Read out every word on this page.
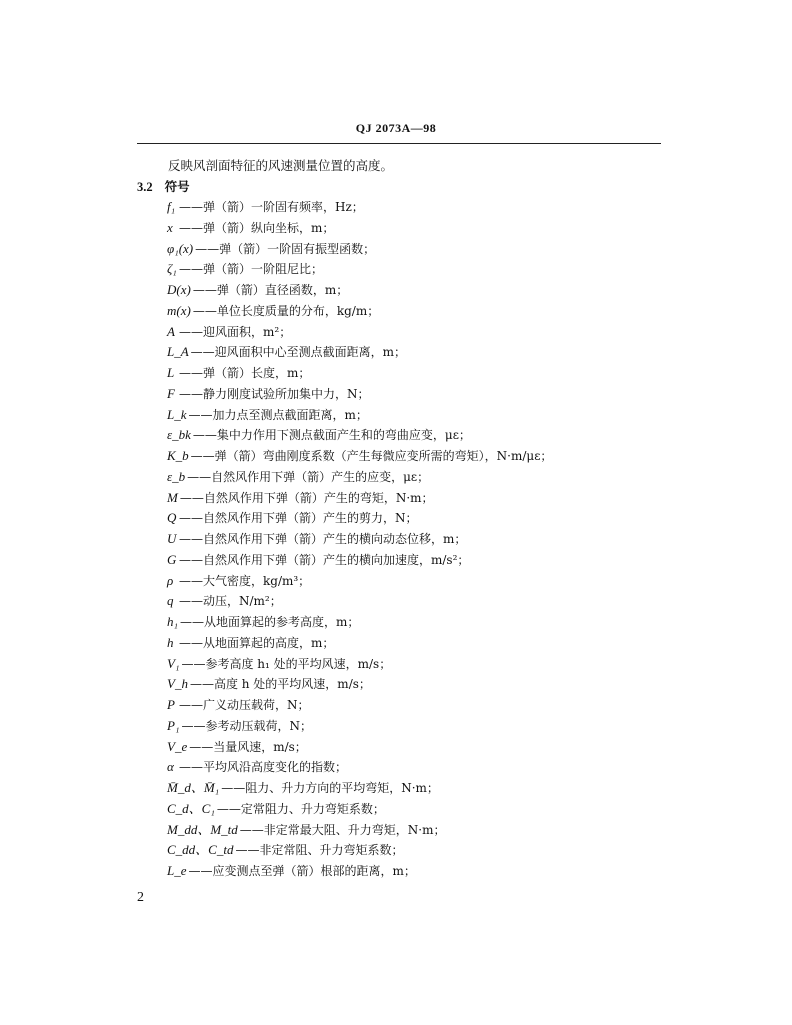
QJ 2073A—98
反映风剖面特征的风速测量位置的高度。
3.2 符号
f₁ ——弹（箭）一阶固有频率，Hz；
x ——弹（箭）纵向坐标，m；
φ₁(x) ——弹（箭）一阶固有振型函数；
ζ₁ ——弹（箭）一阶阻尼比；
D(x) ——弹（箭）直径函数，m；
m(x) ——单位长度质量的分布，kg/m；
A ——迎风面积，m²；
L_A ——迎风面积中心至测点截面距离，m；
L ——弹（箭）长度，m；
F ——静力刚度试验所加集中力，N；
L_k ——加力点至测点截面距离，m；
ε_bk ——集中力作用下测点截面产生和的弯曲应变，με；
K_b ——弹（箭）弯曲刚度系数（产生每微应变所需的弯矩），N·m/με；
ε_b ——自然风作用下弹（箭）产生的应变，με；
M ——自然风作用下弹（箭）产生的弯矩，N·m；
Q ——自然风作用下弹（箭）产生的剪力，N；
U ——自然风作用下弹（箭）产生的横向动态位移，m；
G ——自然风作用下弹（箭）产生的横向加速度，m/s²；
ρ ——大气密度，kg/m³；
q ——动压，N/m²；
h₁ ——从地面算起的参考高度，m；
h ——从地面算起的高度，m；
V₁ ——参考高度 h₁ 处的平均风速，m/s；
V_h ——高度 h 处的平均风速，m/s；
P ——广义动压载荷，N；
P₁ ——参考动压载荷，N；
V_e ——当量风速，m/s；
α ——平均风沿高度变化的指数；
M̄_d、M̄₁ ——阻力、升力方向的平均弯矩，N·m；
C_d、C₁ ——定常阻力、升力弯矩系数；
M_dd、M_td ——非定常最大阻、升力弯矩，N·m；
C_dd、C_td ——非定常阻、升力弯矩系数；
L_e ——应变测点至弹（箭）根部的距离，m；
2
